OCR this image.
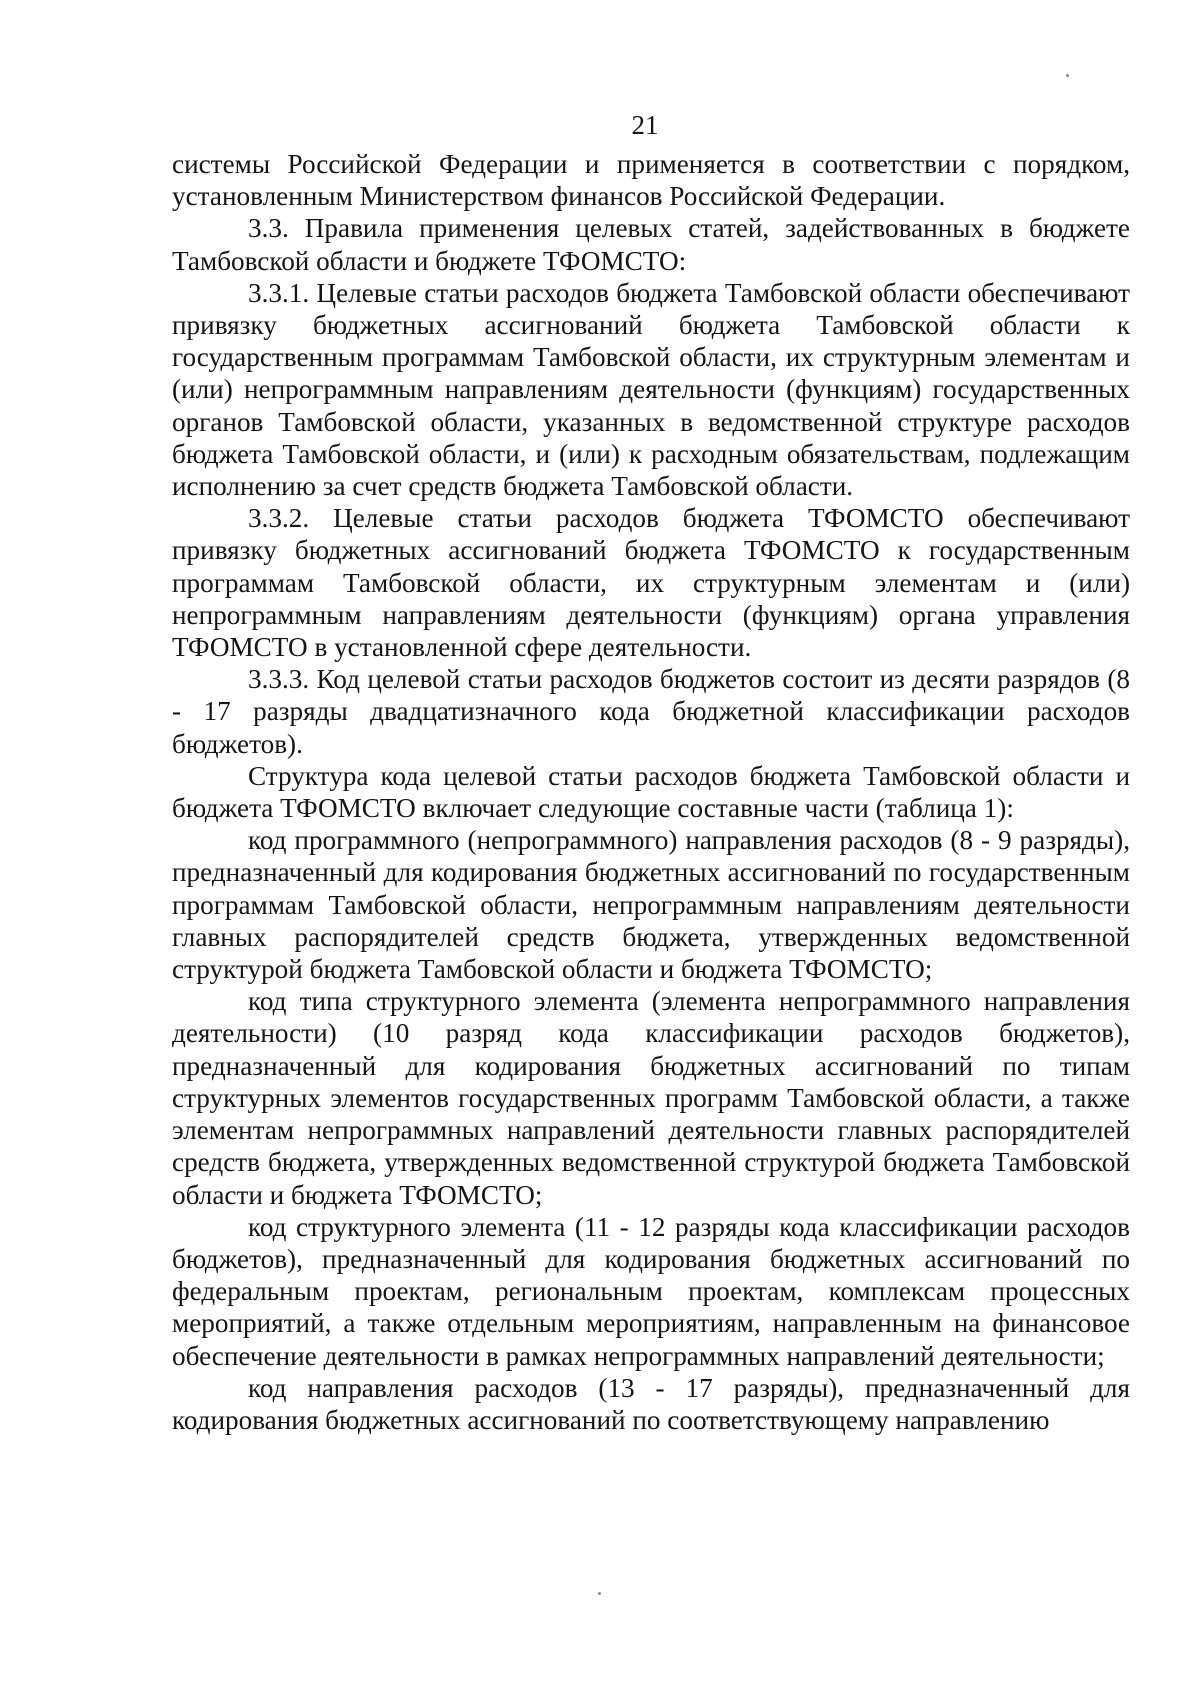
21

системы Российской Федерации и применяется в соответствии с порядком, установленным Министерством финансов Российской Федерации.

3.3. Правила применения целевых статей, задействованных в бюджете Тамбовской области и бюджете ТФОМСТО:

3.3.1. Целевые статьи расходов бюджета Тамбовской области обеспечивают привязку бюджетных ассигнований бюджета Тамбовской области к государственным программам Тамбовской области, их структурным элементам и (или) непрограммным направлениям деятельности (функциям) государственных органов Тамбовской области, указанных в ведомственной структуре расходов бюджета Тамбовской области, и (или) к расходным обязательствам, подлежащим исполнению за счет средств бюджета Тамбовской области.

3.3.2. Целевые статьи расходов бюджета ТФОМСТО обеспечивают привязку бюджетных ассигнований бюджета ТФОМСТО к государственным программам Тамбовской области, их структурным элементам и (или) непрограммным направлениям деятельности (функциям) органа управления ТФОМСТО в установленной сфере деятельности.

3.3.3. Код целевой статьи расходов бюджетов состоит из десяти разрядов (8 - 17 разряды двадцатизначного кода бюджетной классификации расходов бюджетов).

Структура кода целевой статьи расходов бюджета Тамбовской области и бюджета ТФОМСТО включает следующие составные части (таблица 1):

код программного (непрограммного) направления расходов (8 - 9 разряды), предназначенный для кодирования бюджетных ассигнований по государственным программам Тамбовской области, непрограммным направлениям деятельности главных распорядителей средств бюджета, утвержденных ведомственной структурой бюджета Тамбовской области и бюджета ТФОМСТО;

код типа структурного элемента (элемента непрограммного направления деятельности) (10 разряд кода классификации расходов бюджетов), предназначенный для кодирования бюджетных ассигнований по типам структурных элементов государственных программ Тамбовской области, а также элементам непрограммных направлений деятельности главных распорядителей средств бюджета, утвержденных ведомственной структурой бюджета Тамбовской области и бюджета ТФОМСТО;

код структурного элемента (11 - 12 разряды кода классификации расходов бюджетов), предназначенный для кодирования бюджетных ассигнований по федеральным проектам, региональным проектам, комплексам процессных мероприятий, а также отдельным мероприятиям, направленным на финансовое обеспечение деятельности в рамках непрограммных направлений деятельности;

код направления расходов (13 - 17 разряды), предназначенный для кодирования бюджетных ассигнований по соответствующему направлению
